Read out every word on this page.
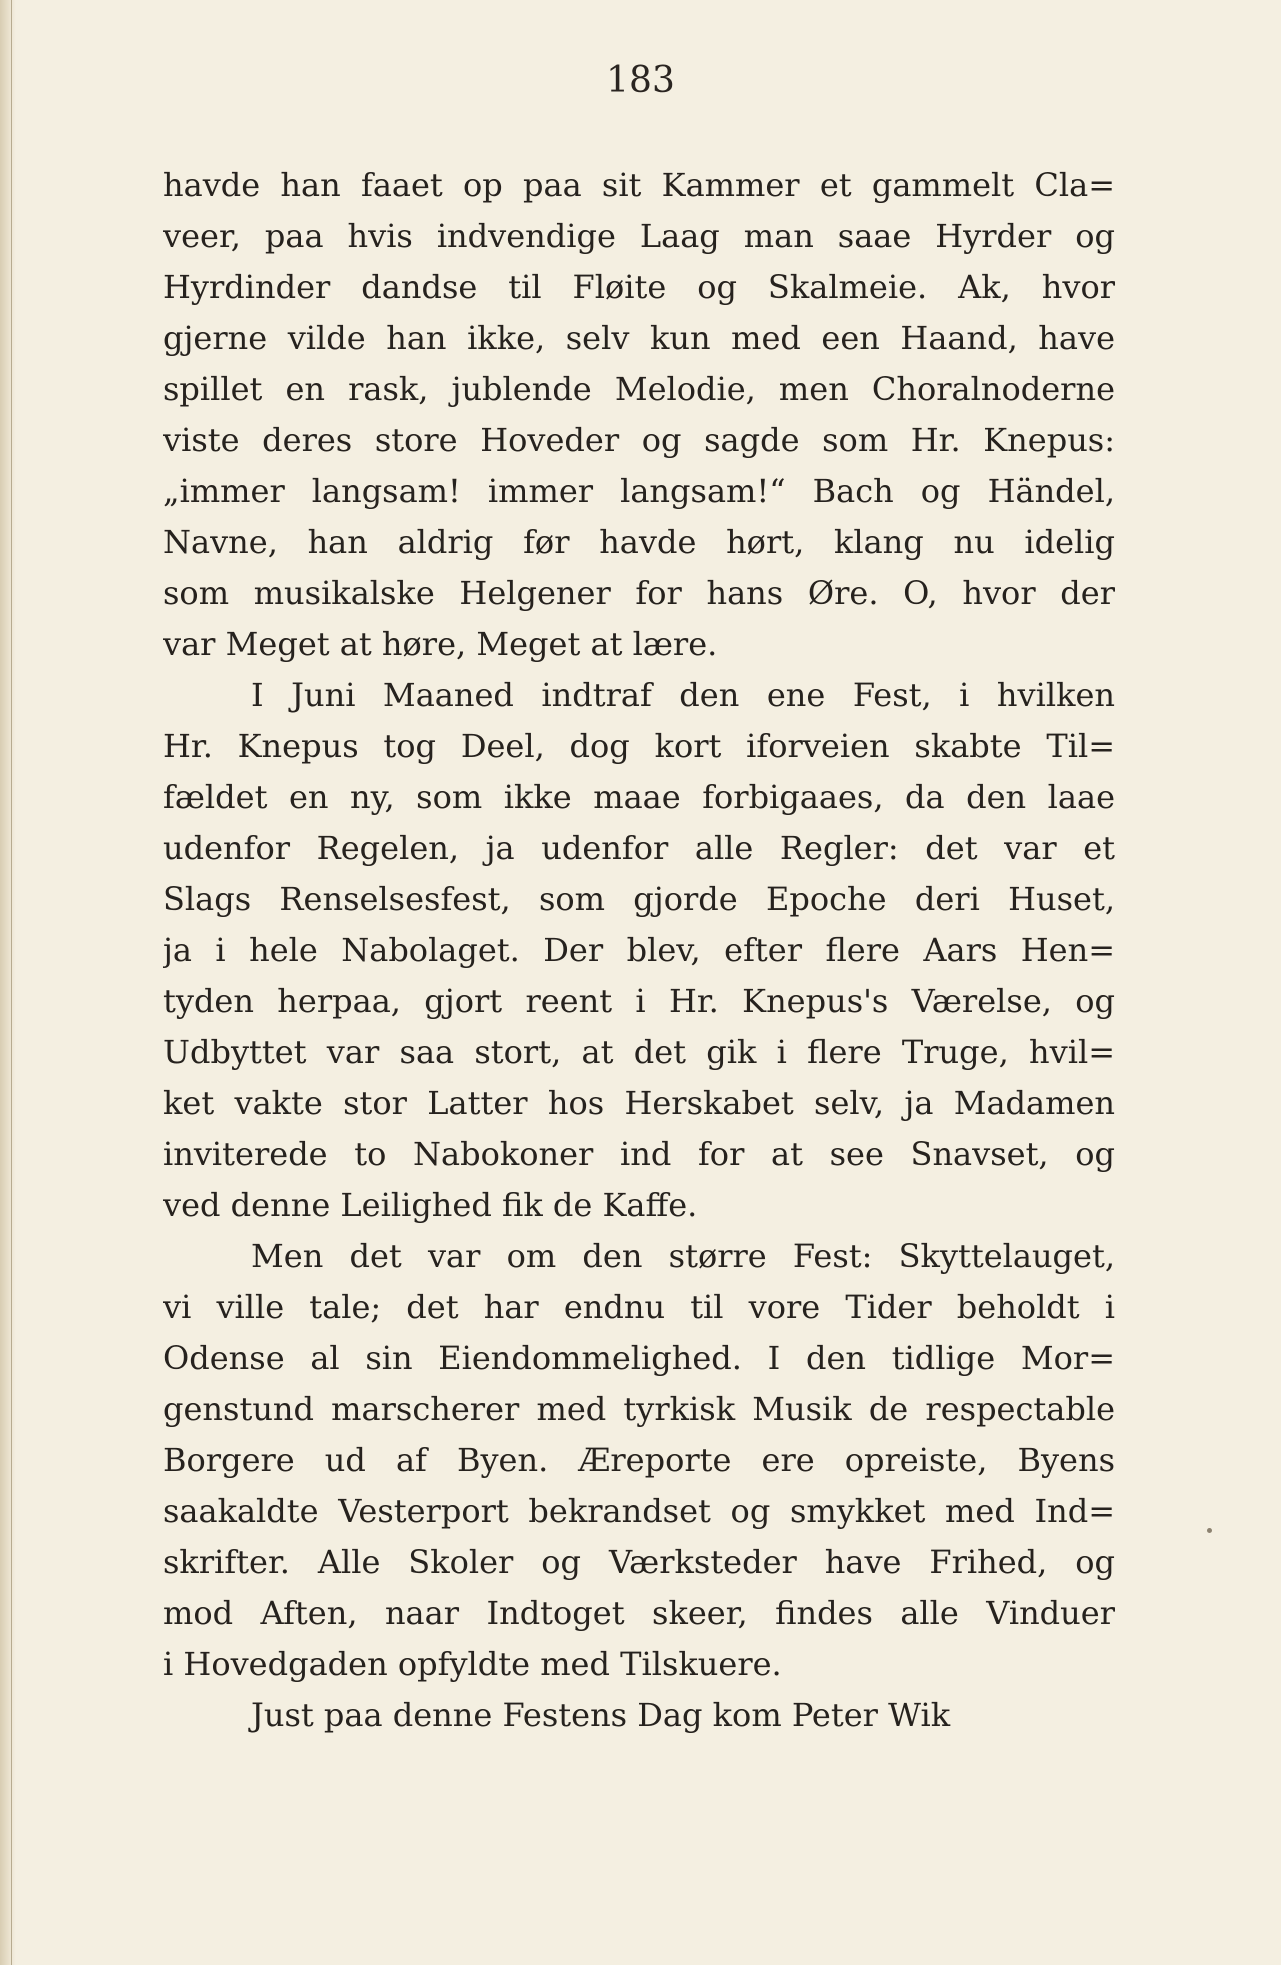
183
havde han faaet op paa sit Kammer et gammelt Cla=
veer, paa hvis indvendige Laag man saae Hyrder og
Hyrdinder dandse til Fløite og Skalmeie. Ak, hvor
gjerne vilde han ikke, selv kun med een Haand, have
spillet en rask, jublende Melodie, men Choralnoderne
viste deres store Hoveder og sagde som Hr. Knepus:
„immer langsam! immer langsam!“ Bach og Händel,
Navne, han aldrig før havde hørt, klang nu idelig
som musikalske Helgener for hans Øre. O, hvor der
var Meget at høre, Meget at lære.
I Juni Maaned indtraf den ene Fest, i hvilken
Hr. Knepus tog Deel, dog kort iforveien skabte Til=
fældet en ny, som ikke maae forbigaaes, da den laae
udenfor Regelen, ja udenfor alle Regler: det var et
Slags Renselsesfest, som gjorde Epoche deri Huset,
ja i hele Nabolaget. Der blev, efter flere Aars Hen=
tyden herpaa, gjort reent i Hr. Knepus's Værelse, og
Udbyttet var saa stort, at det gik i flere Truge, hvil=
ket vakte stor Latter hos Herskabet selv, ja Madamen
inviterede to Nabokoner ind for at see Snavset, og
ved denne Leilighed fik de Kaffe.
Men det var om den større Fest: Skyttelauget,
vi ville tale; det har endnu til vore Tider beholdt i
Odense al sin Eiendommelighed. I den tidlige Mor=
genstund marscherer med tyrkisk Musik de respectable
Borgere ud af Byen. Æreporte ere opreiste, Byens
saakaldte Vesterport bekrandset og smykket med Ind=
skrifter. Alle Skoler og Værksteder have Frihed, og
mod Aften, naar Indtoget skeer, findes alle Vinduer
i Hovedgaden opfyldte med Tilskuere.
Just paa denne Festens Dag kom Peter Wik
